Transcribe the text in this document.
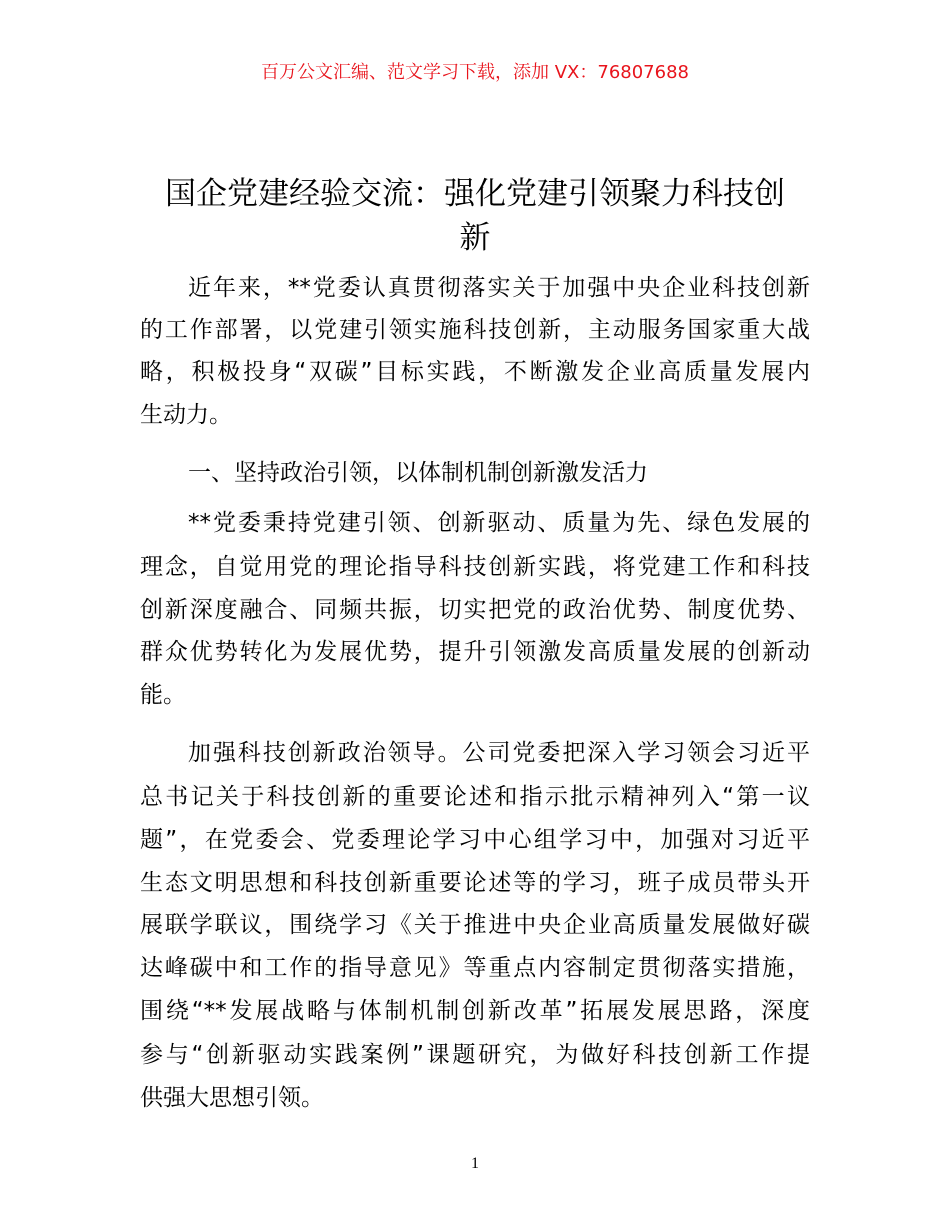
百万公文汇编、范文学习下载，添加 VX：76807688
国企党建经验交流：强化党建引领聚力科技创
新
近年来，**党委认真贯彻落实关于加强中央企业科技创新
的工作部署，以党建引领实施科技创新，主动服务国家重大战
略，积极投身“双碳”目标实践，不断激发企业高质量发展内
生动力。
一、坚持政治引领，以体制机制创新激发活力
**党委秉持党建引领、创新驱动、质量为先、绿色发展的
理念，自觉用党的理论指导科技创新实践，将党建工作和科技
创新深度融合、同频共振，切实把党的政治优势、制度优势、
群众优势转化为发展优势，提升引领激发高质量发展的创新动
能。
加强科技创新政治领导。公司党委把深入学习领会习近平
总书记关于科技创新的重要论述和指示批示精神列入“第一议
题”，在党委会、党委理论学习中心组学习中，加强对习近平
生态文明思想和科技创新重要论述等的学习，班子成员带头开
展联学联议，围绕学习《关于推进中央企业高质量发展做好碳
达峰碳中和工作的指导意见》等重点内容制定贯彻落实措施，
围绕“**发展战略与体制机制创新改革”拓展发展思路，深度
参与“创新驱动实践案例”课题研究，为做好科技创新工作提
供强大思想引领。
1
